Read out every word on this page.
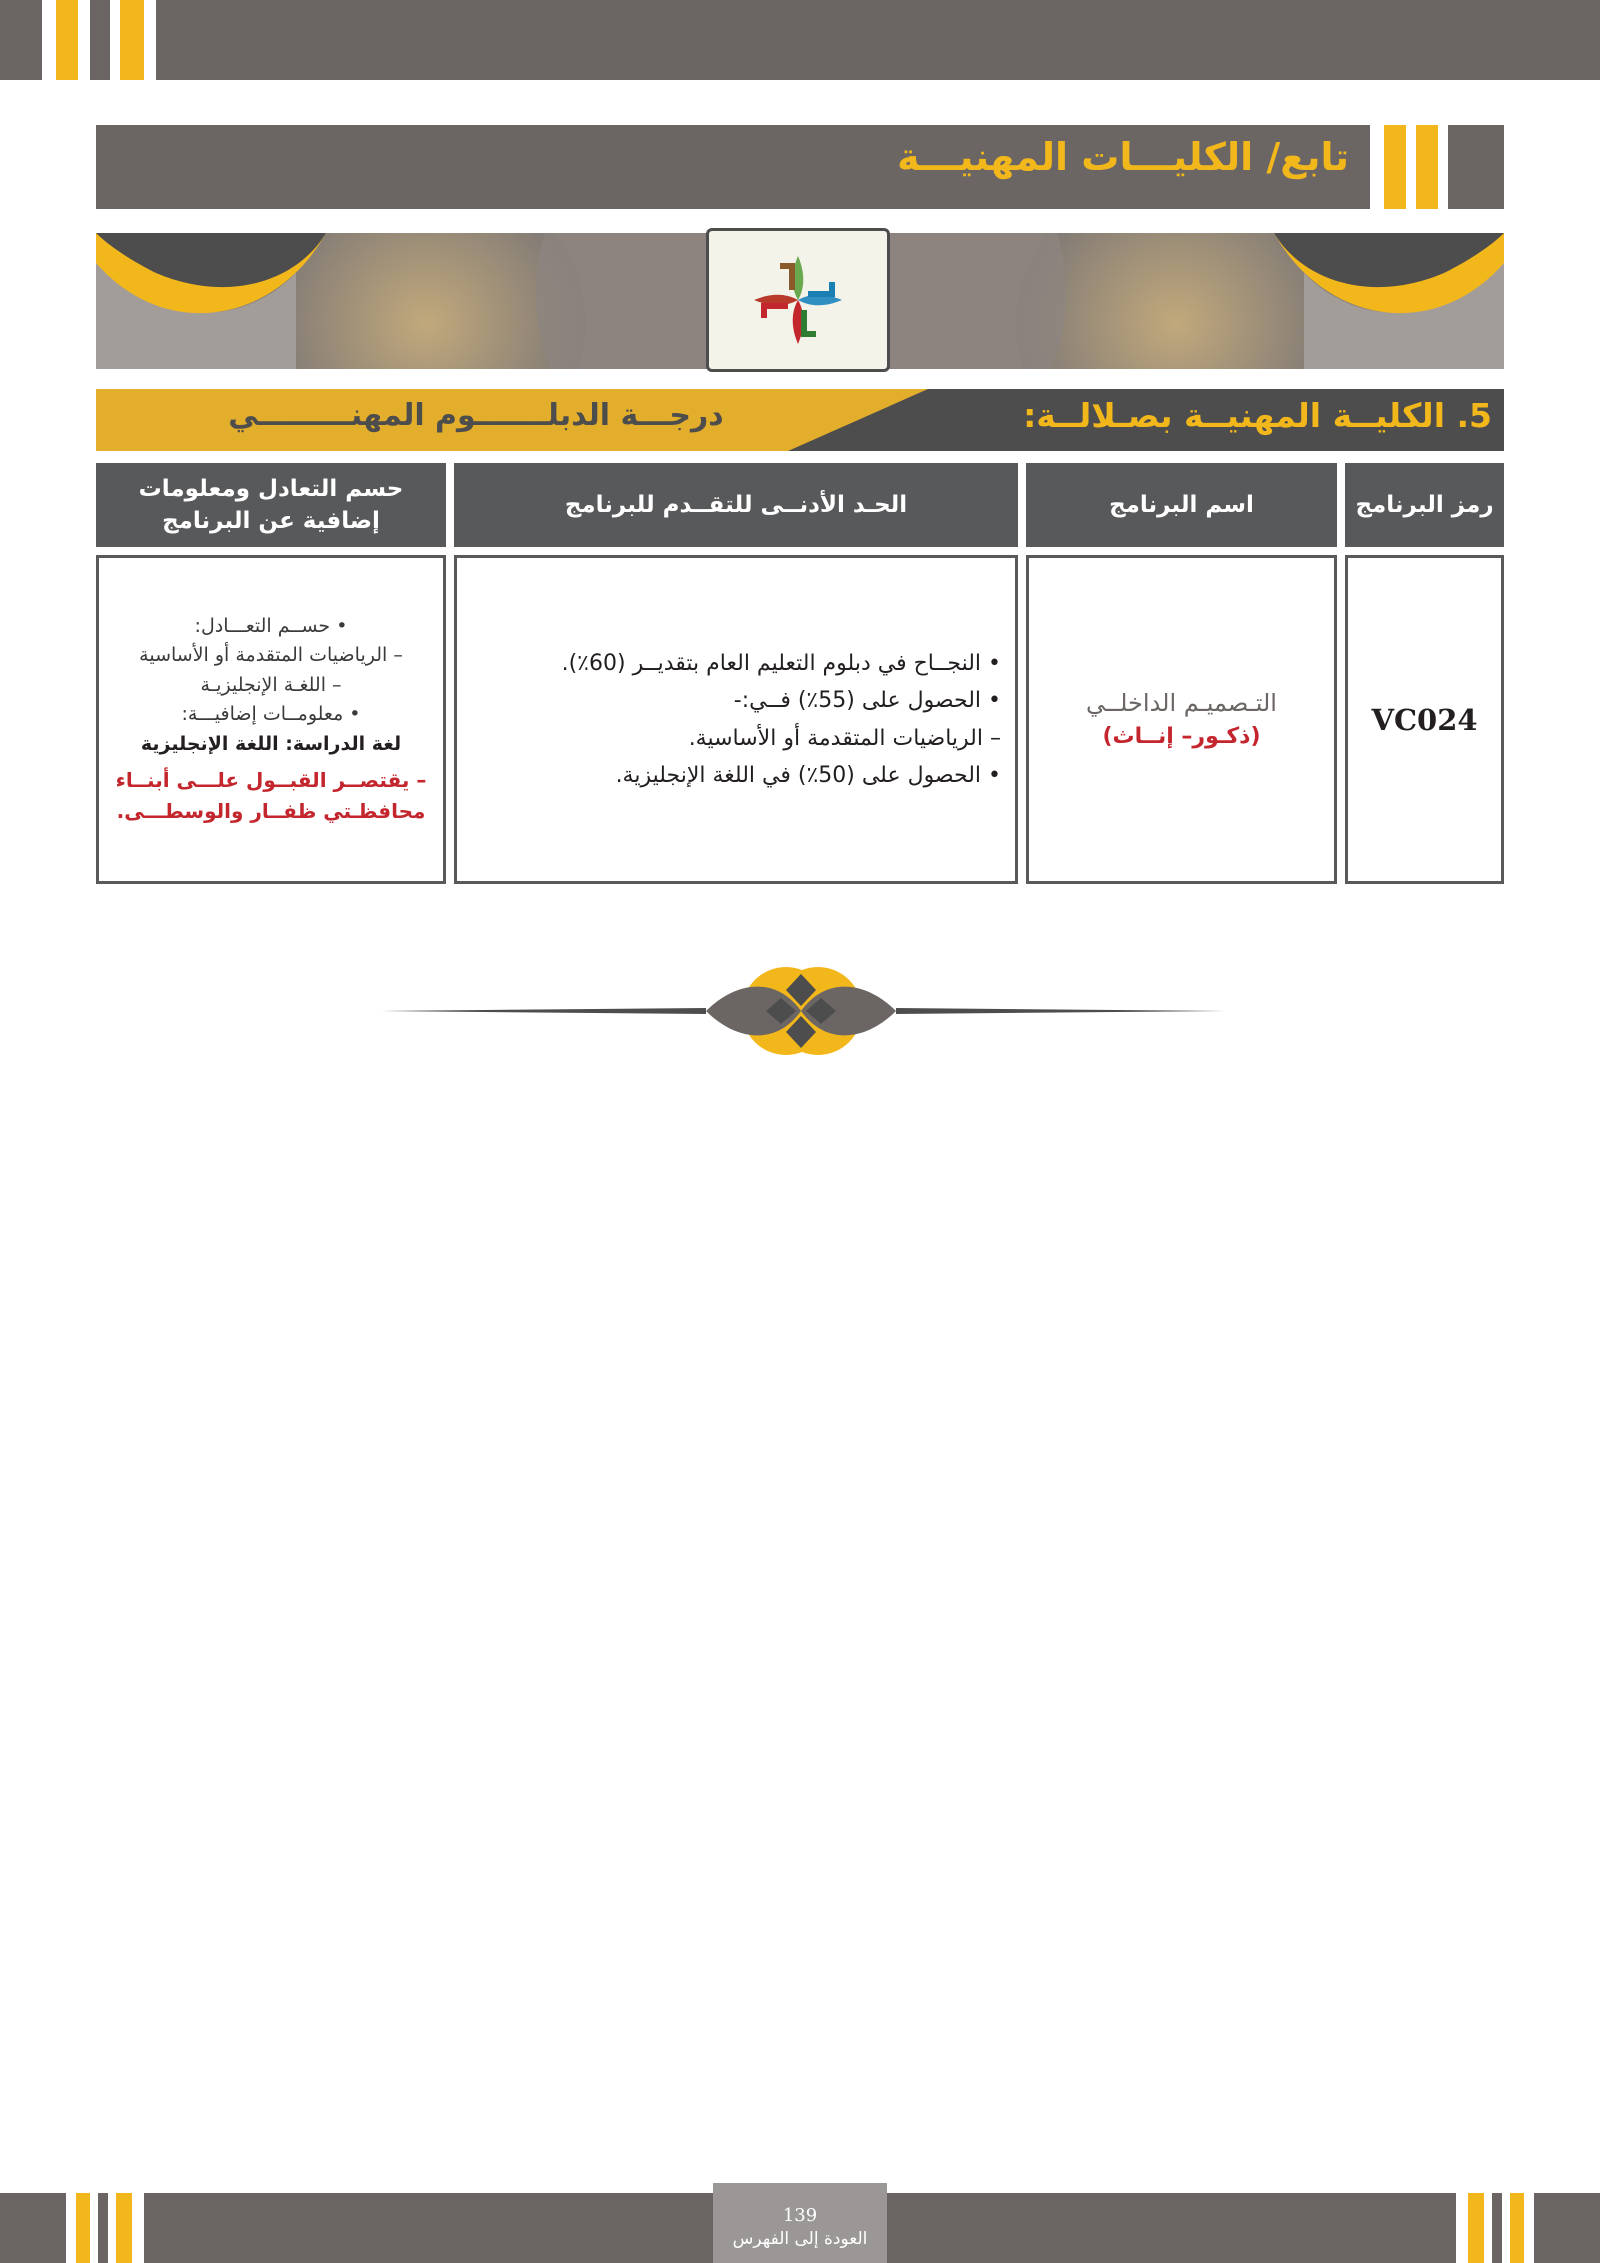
تابع/ الكليـــات المهنيـــة
5. الكليــة المهنيــة بصـلالــة:
درجـــة الدبلـــــــوم المهنـــــــــي
رمز البرنامج
اسم البرنامج
الحـد الأدنــى للتقــدم للبرنامج
حسم التعادل ومعلومات إضافية عن البرنامج
VC024
التـصميـم الداخلــي
(ذكـور– إنــاث)
• النجــاح في دبلوم التعليم العام بتقديــر (60٪).
• الحصول على (55٪) فــي:-
– الرياضيات المتقدمة أو الأساسية.
• الحصول على (50٪) في اللغة الإنجليزية.
• حســم التعـــادل:
– الرياضيات المتقدمة أو الأساسية
– اللغـة الإنجليزيـة
• معلومــات إضافيـــة:
لغة الدراسة: اللغة الإنجليزية
– يقتصــر القبــول علـــى أبنــاء محافظـتي ظفــار والوسطـــى.
139
العودة إلى الفهرس
